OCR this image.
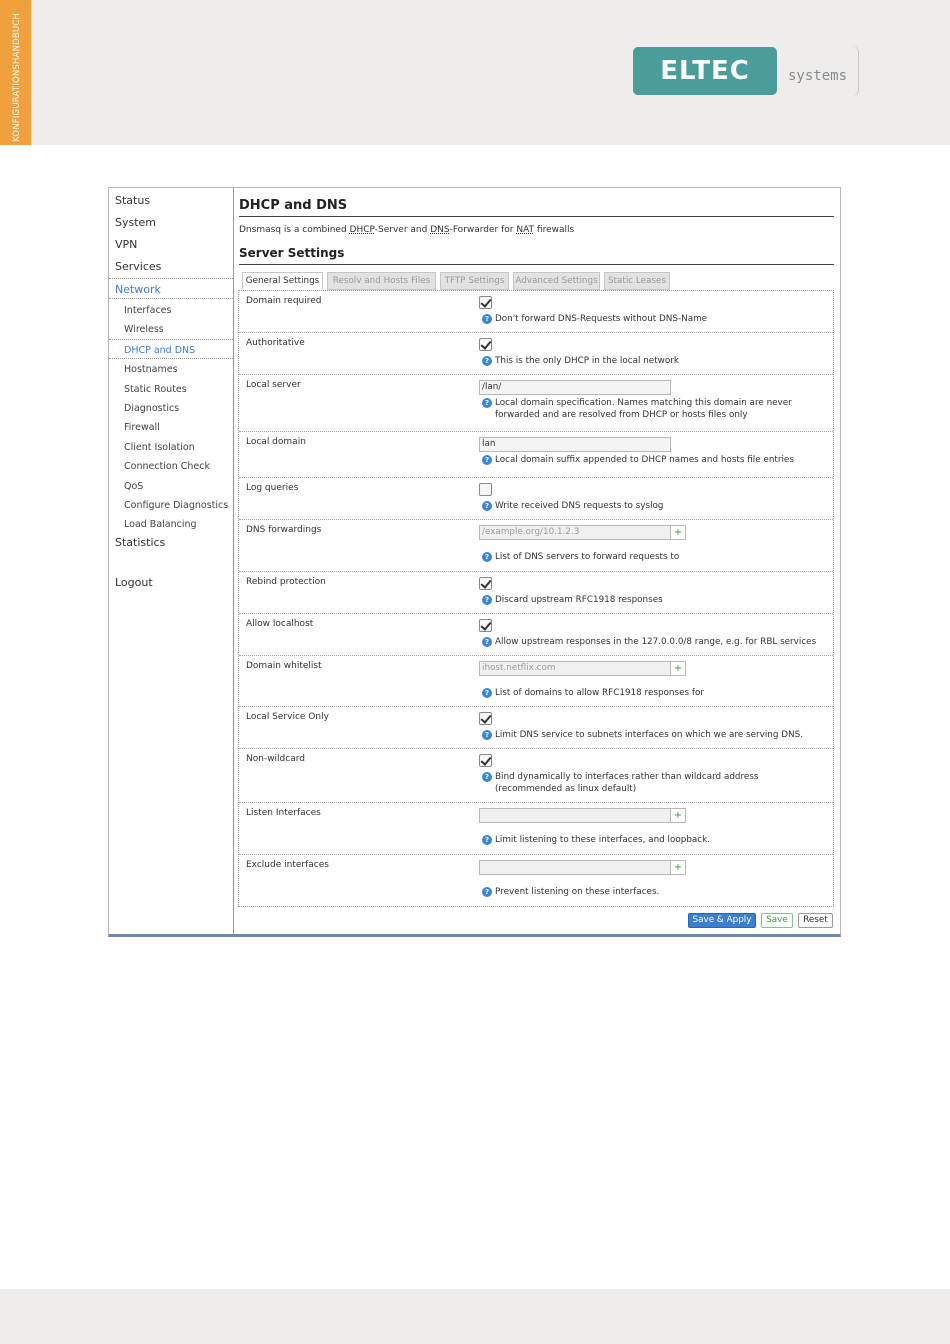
KONFIGURATIONSHANDBUCH	ELTEC	systems
Status
System
VPN
Services
Network
Statistics
Logout
Interfaces
Wireless
DHCP and DNS
Hostnames
Static Routes
Diagnostics
Firewall
Client Isolation
Connection Check
QoS
Configure Diagnostics
Load Balancing
DHCP and DNS
Dnsmasq is a combined DHCP-Server and DNS-Forwarder for NAT firewalls
Server Settings
General Settings	Resolv and Hosts Files	TFTP Settings	Advanced Settings	Static Leases
Domain required
? Don't forward DNS-Requests without DNS-Name
Authoritative
? This is the only DHCP in the local network
Local server	/lan/
? Local domain specification. Names matching this domain are never
forwarded and are resolved from DHCP or hosts files only
Local domain	lan
? Local domain suffix appended to DHCP names and hosts file entries
Log queries
? Write received DNS requests to syslog
DNS forwardings	/example.org/10.1.2.3	+
? List of DNS servers to forward requests to
Rebind protection
? Discard upstream RFC1918 responses
Allow localhost
? Allow upstream responses in the 127.0.0.0/8 range, e.g. for RBL services
Domain whitelist	ihost.netflix.com	+
? List of domains to allow RFC1918 responses for
Local Service Only
? Limit DNS service to subnets interfaces on which we are serving DNS.
Non-wildcard
? Bind dynamically to interfaces rather than wildcard address
(recommended as linux default)
Listen Interfaces	+
? Limit listening to these interfaces, and loopback.
Exclude interfaces	+
? Prevent listening on these interfaces.
Save & Apply	Save	Reset
